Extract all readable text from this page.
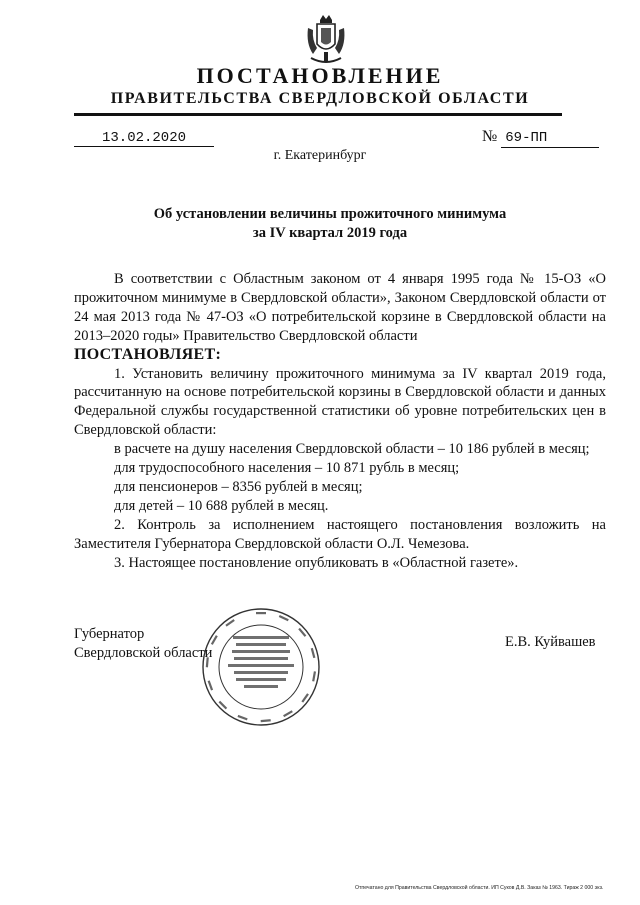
ПОСТАНОВЛЕНИЕ
ПРАВИТЕЛЬСТВА СВЕРДЛОВСКОЙ ОБЛАСТИ
13.02.2020	№ 69-ПП
г. Екатеринбург
Об установлении величины прожиточного минимума
за IV квартал 2019 года

В соответствии с Областным законом от 4 января 1995 года № 15-ОЗ «О прожиточном минимуме в Свердловской области», Законом Свердловской области от 24 мая 2013 года № 47-ОЗ «О потребительской корзине в Свердловской области на 2013–2020 годы» Правительство Свердловской области

ПОСТАНОВЛЯЕТ:

1. Установить величину прожиточного минимума за IV квартал 2019 года, рассчитанную на основе потребительской корзины в Свердловской области и данных Федеральной службы государственной статистики об уровне потребительских цен в Свердловской области:

в расчете на душу населения Свердловской области – 10 186 рублей в месяц;

для трудоспособного населения – 10 871 рубль в месяц;

для пенсионеров – 8356 рублей в месяц;

для детей – 10 688 рублей в месяц.

2. Контроль за исполнением настоящего постановления возложить на Заместителя Губернатора Свердловской области О.Л. Чемезова.

3. Настоящее постановление опубликовать в «Областной газете».

Губернатор
Свердловской области
Е.В. Куйвашев
Отпечатано для Правительства Свердловской области. ИП Суков Д.В. Заказ № 1963. Тираж 2 000 экз.
